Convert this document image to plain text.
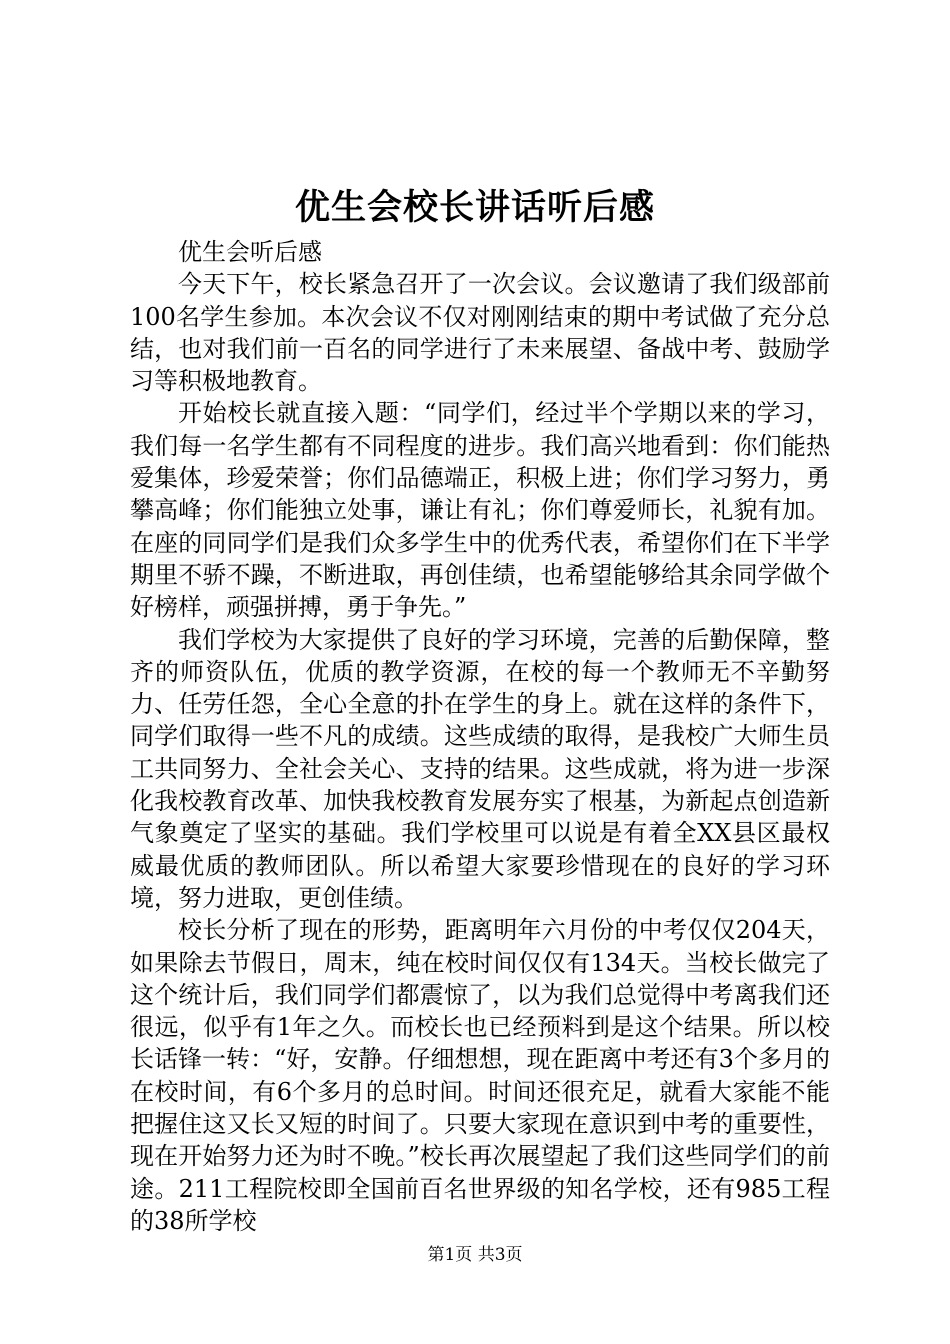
优生会校长讲话听后感

优生会听后感

今天下午，校长紧急召开了一次会议。会议邀请了我们级部前100名学生参加。本次会议不仅对刚刚结束的期中考试做了充分总结，也对我们前一百名的同学进行了未来展望、备战中考、鼓励学习等积极地教育。

开始校长就直接入题：“同学们，经过半个学期以来的学习，我们每一名学生都有不同程度的进步。我们高兴地看到：你们能热爱集体，珍爱荣誉；你们品德端正，积极上进；你们学习努力，勇攀高峰；你们能独立处事，谦让有礼；你们尊爱师长，礼貌有加。在座的同同学们是我们众多学生中的优秀代表，希望你们在下半学期里不骄不躁，不断进取，再创佳绩，也希望能够给其余同学做个好榜样，顽强拼搏，勇于争先。”

我们学校为大家提供了良好的学习环境，完善的后勤保障，整齐的师资队伍，优质的教学资源，在校的每一个教师无不辛勤努力、任劳任怨，全心全意的扑在学生的身上。就在这样的条件下，同学们取得一些不凡的成绩。这些成绩的取得，是我校广大师生员工共同努力、全社会关心、支持的结果。这些成就，将为进一步深化我校教育改革、加快我校教育发展夯实了根基，为新起点创造新气象奠定了坚实的基础。我们学校里可以说是有着全XX县区最权威最优质的教师团队。所以希望大家要珍惜现在的良好的学习环境，努力进取，更创佳绩。

校长分析了现在的形势，距离明年六月份的中考仅仅204天，如果除去节假日，周末，纯在校时间仅仅有134天。当校长做完了这个统计后，我们同学们都震惊了，以为我们总觉得中考离我们还很远，似乎有1年之久。而校长也已经预料到是这个结果。所以校长话锋一转：“好，安静。仔细想想，现在距离中考还有3个多月的在校时间，有6个多月的总时间。时间还很充足，就看大家能不能把握住这又长又短的时间了。只要大家现在意识到中考的重要性，现在开始努力还为时不晚。”校长再次展望起了我们这些同学们的前途。211工程院校即全国前百名世界级的知名学校，还有985工程的38所学校

第1页 共3页
